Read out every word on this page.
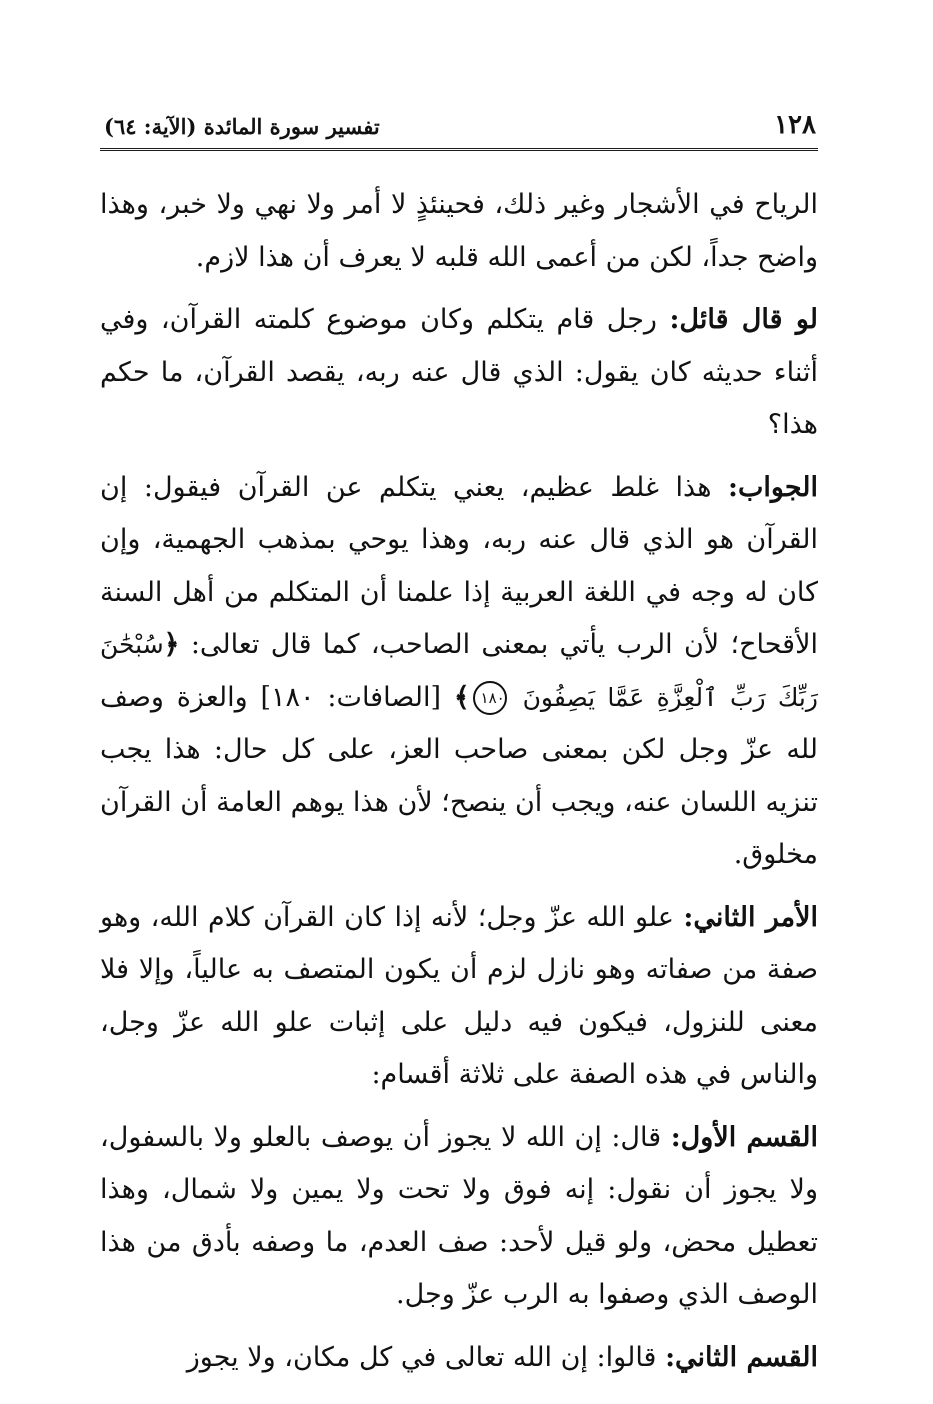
١٢٨
تفسير سورة المائدة (الآية: ٦٤)

الرياح في الأشجار وغير ذلك، فحينئذٍ لا أمر ولا نهي ولا خبر، وهذا واضح جداً، لكن من أعمى الله قلبه لا يعرف أن هذا لازم.

لو قال قائل: رجل قام يتكلم وكان موضوع كلمته القرآن، وفي أثناء حديثه كان يقول: الذي قال عنه ربه، يقصد القرآن، ما حكم هذا؟

الجواب: هذا غلط عظيم، يعني يتكلم عن القرآن فيقول: إن القرآن هو الذي قال عنه ربه، وهذا يوحي بمذهب الجهمية، وإن كان له وجه في اللغة العربية إذا علمنا أن المتكلم من أهل السنة الأقحاح؛ لأن الرب يأتي بمعنى الصاحب، كما قال تعالى: ﴿سُبْحَٰنَ رَبِّكَ رَبِّ ٱلْعِزَّةِ عَمَّا يَصِفُونَ ١٨٠﴾ [الصافات: ١٨٠] والعزة وصف لله عزّ وجل لكن بمعنى صاحب العز، على كل حال: هذا يجب تنزيه اللسان عنه، ويجب أن ينصح؛ لأن هذا يوهم العامة أن القرآن مخلوق.

الأمر الثاني: علو الله عزّ وجل؛ لأنه إذا كان القرآن كلام الله، وهو صفة من صفاته وهو نازل لزم أن يكون المتصف به عالياً، وإلا فلا معنى للنزول، فيكون فيه دليل على إثبات علو الله عزّ وجل، والناس في هذه الصفة على ثلاثة أقسام:

القسم الأول: قال: إن الله لا يجوز أن يوصف بالعلو ولا بالسفول، ولا يجوز أن نقول: إنه فوق ولا تحت ولا يمين ولا شمال، وهذا تعطيل محض، ولو قيل لأحد: صف العدم، ما وصفه بأدق من هذا الوصف الذي وصفوا به الرب عزّ وجل.

القسم الثاني: قالوا: إن الله تعالى في كل مكان، ولا يجوز
